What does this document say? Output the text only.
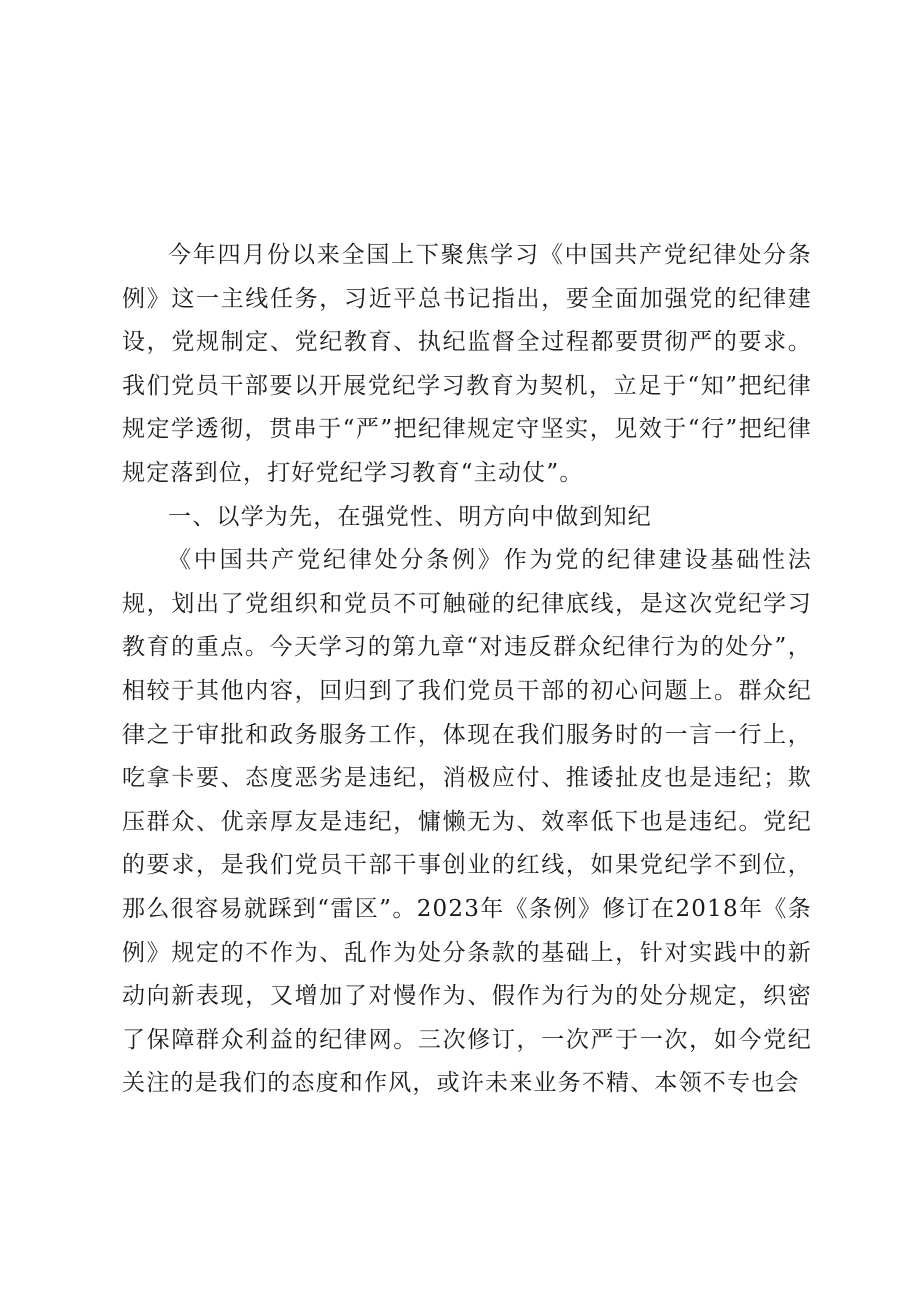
今年四月份以来全国上下聚焦学习《中国共产党纪律处分条例》这一主线任务，习近平总书记指出，要全面加强党的纪律建设，党规制定、党纪教育、执纪监督全过程都要贯彻严的要求。我们党员干部要以开展党纪学习教育为契机，立足于“知”把纪律规定学透彻，贯串于“严”把纪律规定守坚实，见效于“行”把纪律规定落到位，打好党纪学习教育“主动仗”。

一、以学为先，在强党性、明方向中做到知纪

《中国共产党纪律处分条例》作为党的纪律建设基础性法规，划出了党组织和党员不可触碰的纪律底线，是这次党纪学习教育的重点。今天学习的第九章“对违反群众纪律行为的处分”，相较于其他内容，回归到了我们党员干部的初心问题上。群众纪律之于审批和政务服务工作，体现在我们服务时的一言一行上，吃拿卡要、态度恶劣是违纪，消极应付、推诿扯皮也是违纪；欺压群众、优亲厚友是违纪，慵懒无为、效率低下也是违纪。党纪的要求，是我们党员干部干事创业的红线，如果党纪学不到位，那么很容易就踩到“雷区”。2023年《条例》修订在2018年《条例》规定的不作为、乱作为处分条款的基础上，针对实践中的新动向新表现，又增加了对慢作为、假作为行为的处分规定，织密了保障群众利益的纪律网。三次修订，一次严于一次，如今党纪关注的是我们的态度和作风，或许未来业务不精、本领不专也会
